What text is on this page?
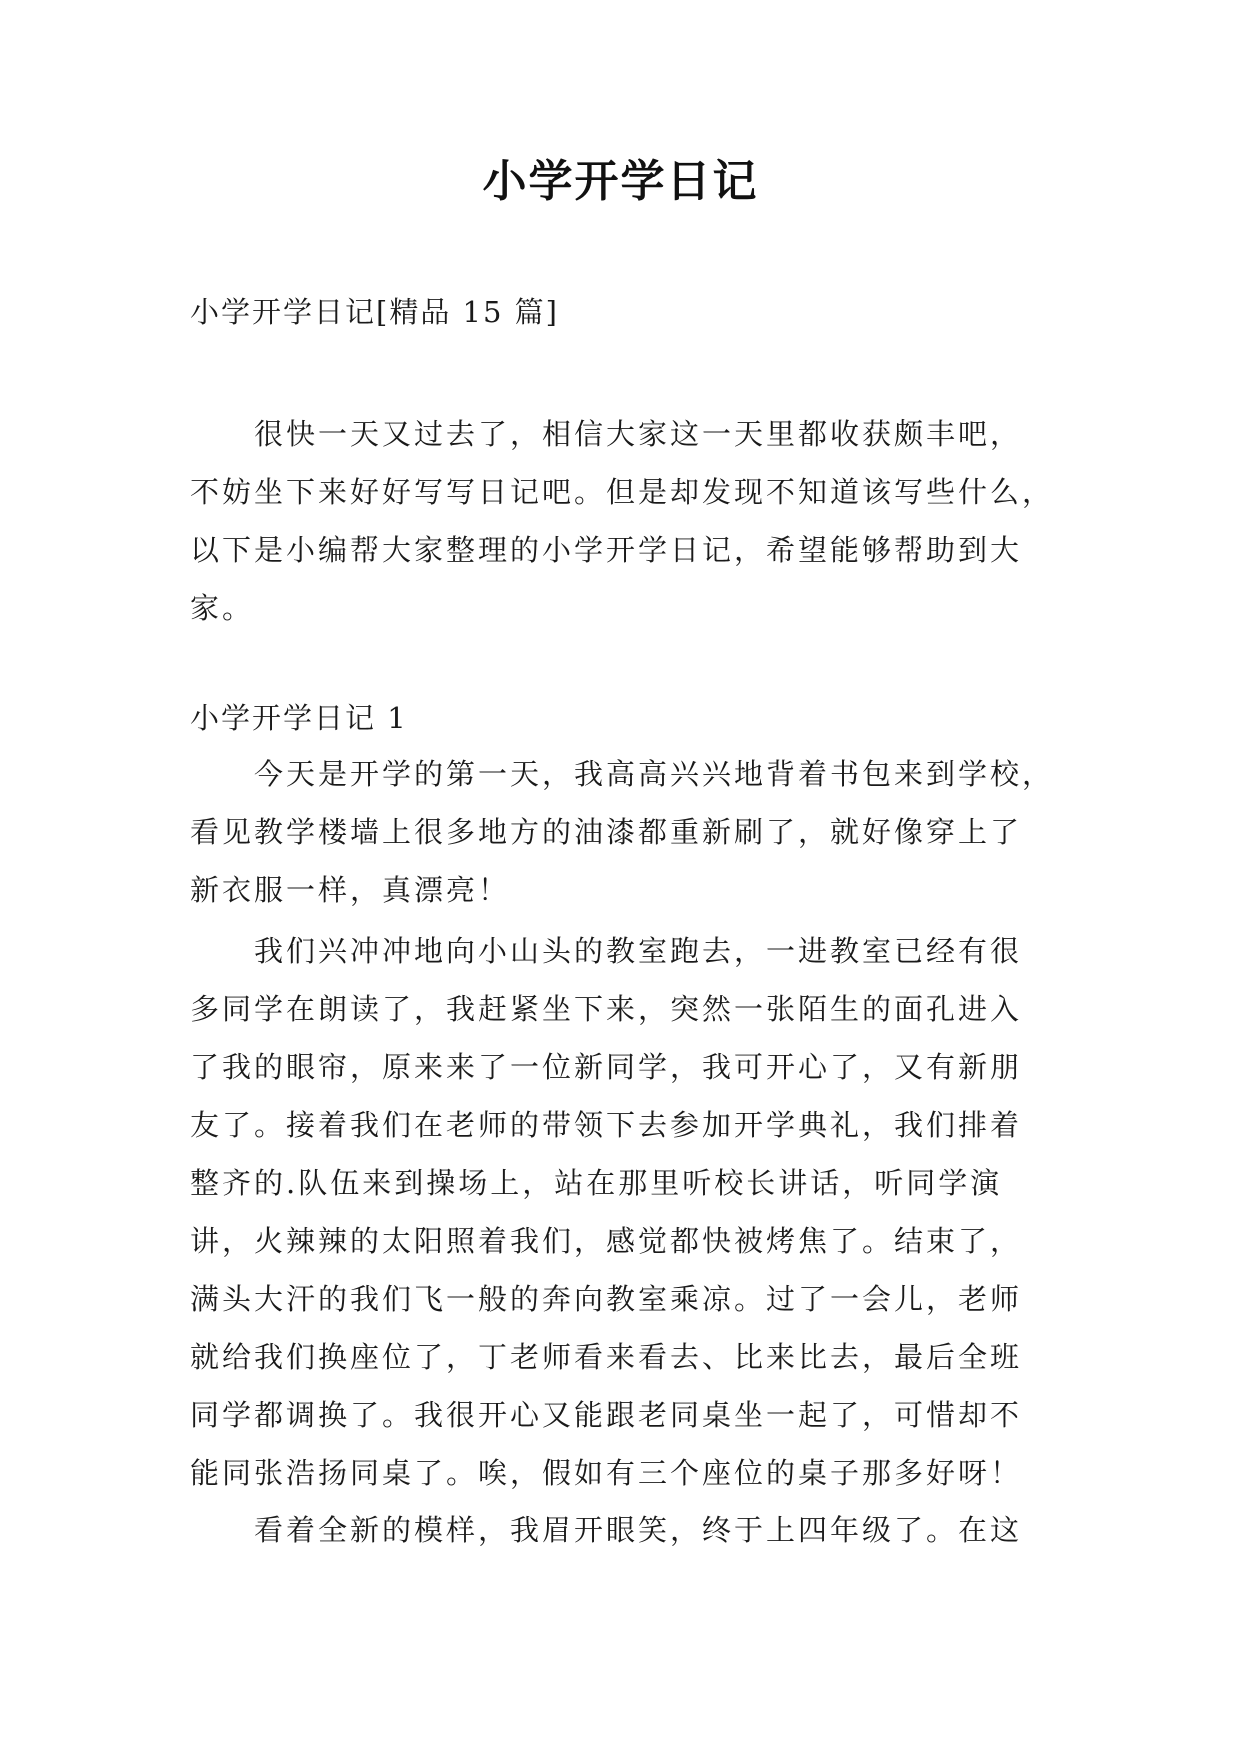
小学开学日记
小学开学日记[精品 15 篇]
很快一天又过去了，相信大家这一天里都收获颇丰吧，
不妨坐下来好好写写日记吧。但是却发现不知道该写些什么，
以下是小编帮大家整理的小学开学日记，希望能够帮助到大
家。
小学开学日记 1
今天是开学的第一天，我高高兴兴地背着书包来到学校，
看见教学楼墙上很多地方的油漆都重新刷了，就好像穿上了
新衣服一样，真漂亮！
我们兴冲冲地向小山头的教室跑去，一进教室已经有很
多同学在朗读了，我赶紧坐下来，突然一张陌生的面孔进入
了我的眼帘，原来来了一位新同学，我可开心了，又有新朋
友了。接着我们在老师的带领下去参加开学典礼，我们排着
整齐的.队伍来到操场上，站在那里听校长讲话，听同学演
讲，火辣辣的太阳照着我们，感觉都快被烤焦了。结束了，
满头大汗的我们飞一般的奔向教室乘凉。过了一会儿，老师
就给我们换座位了，丁老师看来看去、比来比去，最后全班
同学都调换了。我很开心又能跟老同桌坐一起了，可惜却不
能同张浩扬同桌了。唉，假如有三个座位的桌子那多好呀！
看着全新的模样，我眉开眼笑，终于上四年级了。在这
